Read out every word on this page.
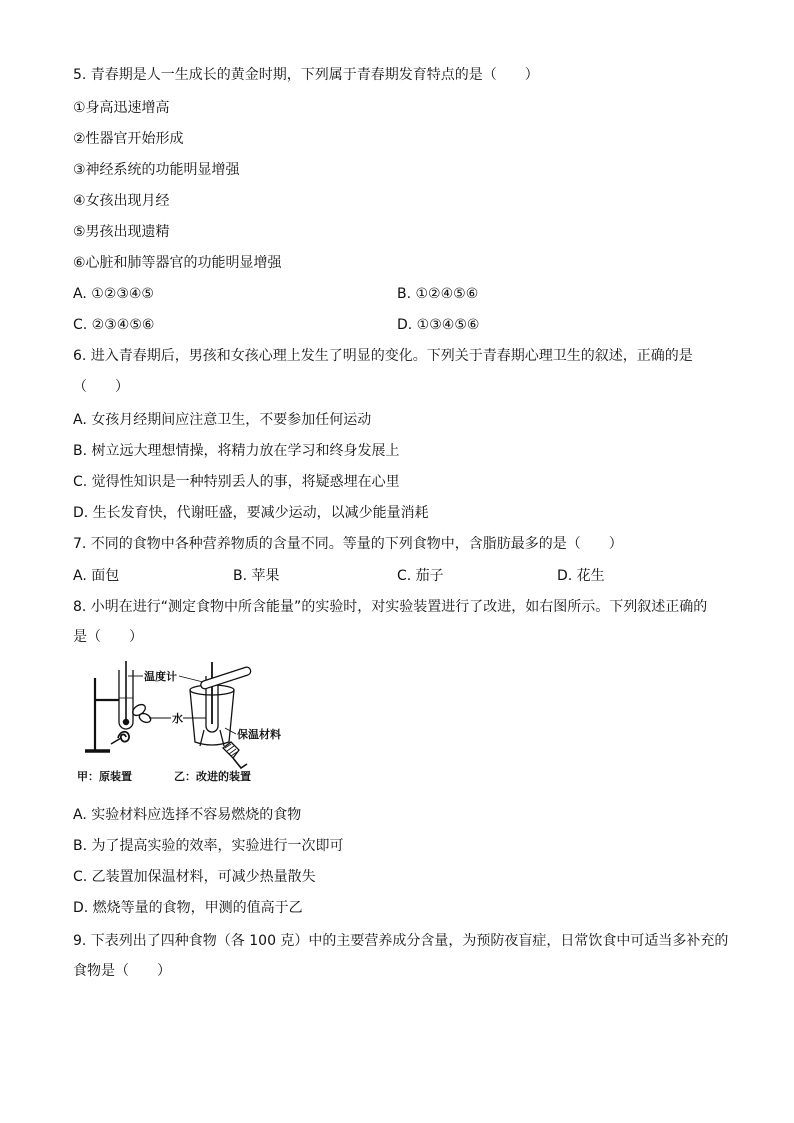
5. 青春期是人一生成长的黄金时期，下列属于青春期发育特点的是（　　）
①身高迅速增高
②性器官开始形成
③神经系统的功能明显增强
④女孩出现月经
⑤男孩出现遗精
⑥心脏和肺等器官的功能明显增强
A. ①②③④⑤	B. ①②④⑤⑥
C. ②③④⑤⑥	D. ①③④⑤⑥
6. 进入青春期后，男孩和女孩心理上发生了明显的变化。下列关于青春期心理卫生的叙述，正确的是
（　　）
A. 女孩月经期间应注意卫生，不要参加任何运动
B. 树立远大理想情操，将精力放在学习和终身发展上
C. 觉得性知识是一种特别丢人的事，将疑惑埋在心里
D. 生长发育快，代谢旺盛，要减少运动，以减少能量消耗
7. 不同的食物中各种营养物质的含量不同。等量的下列食物中，含脂肪最多的是（　　）
A. 面包	B. 苹果	C. 茄子	D. 花生
8. 小明在进行“测定食物中所含能量”的实验时，对实验装置进行了改进，如右图所示。下列叙述正确的
是（　　）
温度计
水
保温材料
甲：原装置	乙：改进的装置
A. 实验材料应选择不容易燃烧的食物
B. 为了提高实验的效率，实验进行一次即可
C. 乙装置加保温材料，可减少热量散失
D. 燃烧等量的食物，甲测的值高于乙
9. 下表列出了四种食物（各 100 克）中的主要营养成分含量，为预防夜盲症，日常饮食中可适当多补充的
食物是（　　）
